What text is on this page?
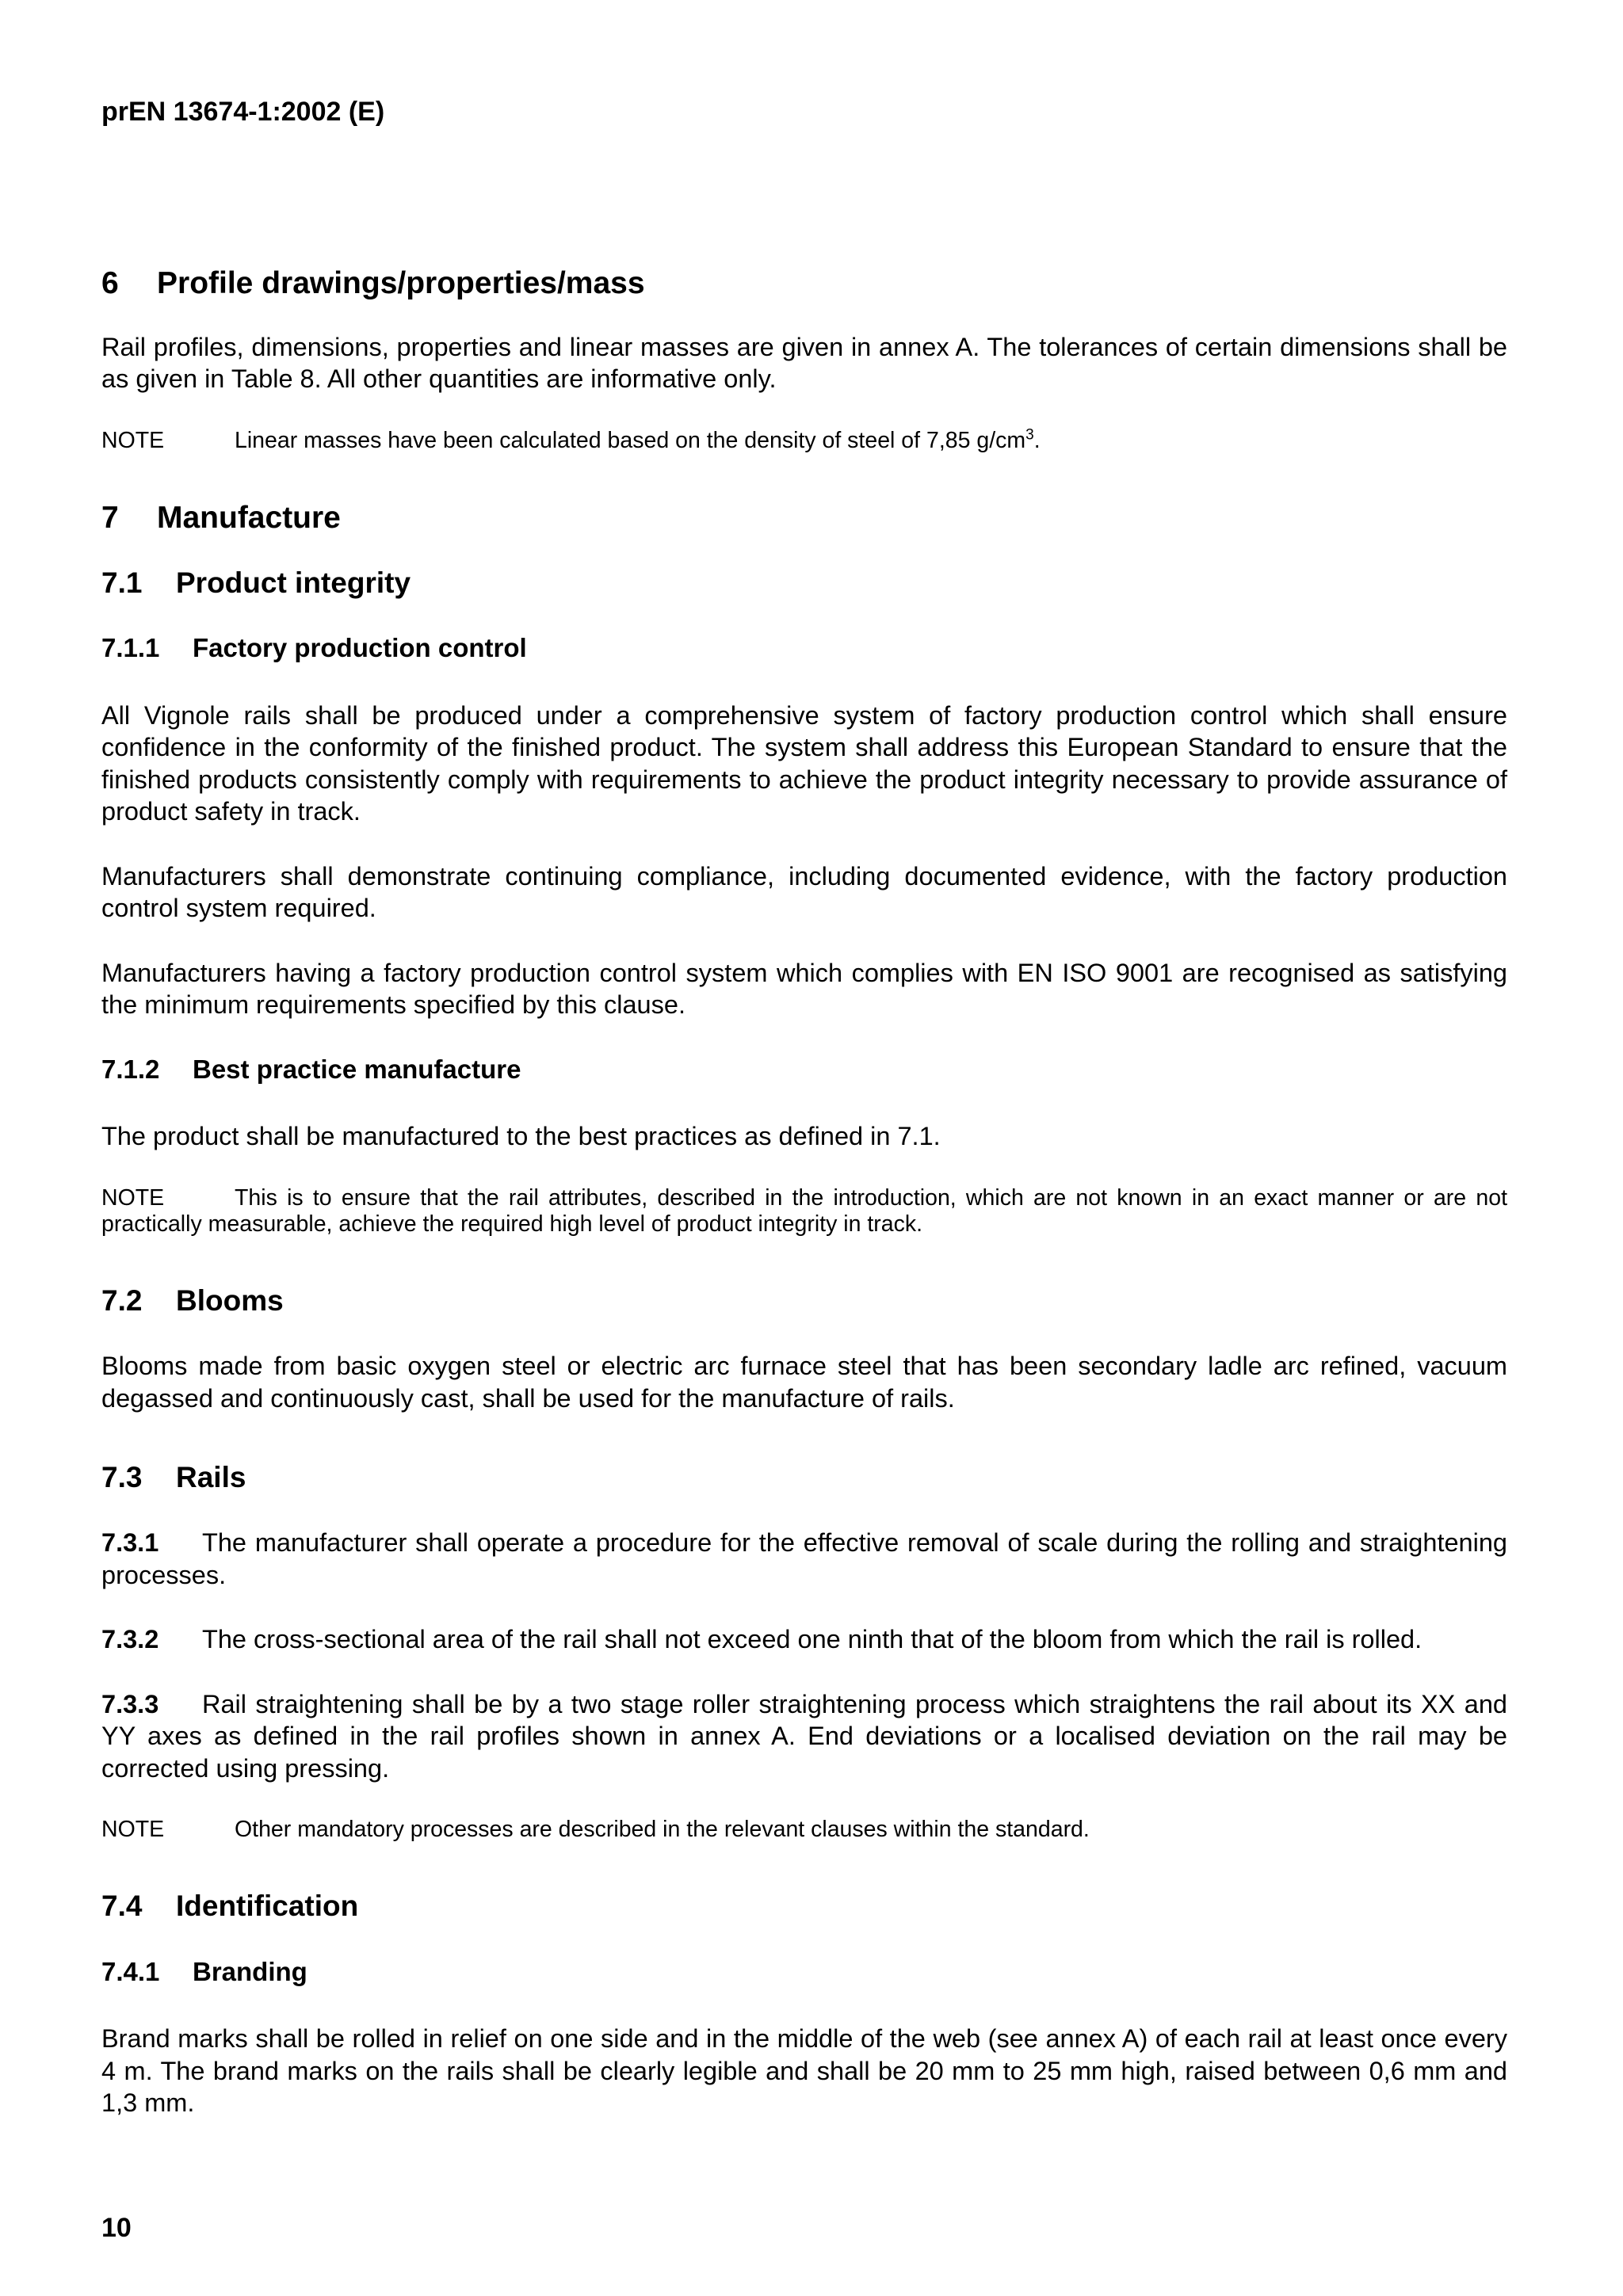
prEN 13674-1:2002 (E)

6 Profile drawings/properties/mass

Rail profiles, dimensions, properties and linear masses are given in annex A. The tolerances of certain dimensions shall be as given in Table 8. All other quantities are informative only.

NOTE	Linear masses have been calculated based on the density of steel of 7,85 $g/cm^3$.
7 Manufacture
7.1 Product integrity
7.1.1 Factory production control

All Vignole rails shall be produced under a comprehensive system of factory production control which shall ensure confidence in the conformity of the finished product. The system shall address this European Standard to ensure that the finished products consistently comply with requirements to achieve the product integrity necessary to provide assurance of product safety in track.

Manufacturers shall demonstrate continuing compliance, including documented evidence, with the factory production control system required.

Manufacturers having a factory production control system which complies with EN ISO 9001 are recognised as satisfying the minimum requirements specified by this clause.

7.1.2 Best practice manufacture

The product shall be manufactured to the best practices as defined in 7.1.

NOTE	This is to ensure that the rail attributes, described in the introduction, which are not known in an exact manner or are not practically measurable, achieve the required high level of product integrity in track.
7.2 Blooms

Blooms made from basic oxygen steel or electric arc furnace steel that has been secondary ladle arc refined, vacuum degassed and continuously cast, shall be used for the manufacture of rails.

7.3 Rails

7.3.1 The manufacturer shall operate a procedure for the effective removal of scale during the rolling and straightening processes.

7.3.2 The cross-sectional area of the rail shall not exceed one ninth that of the bloom from which the rail is rolled.

7.3.3 Rail straightening shall be by a two stage roller straightening process which straightens the rail about its XX and YY axes as defined in the rail profiles shown in annex A. End deviations or a localised deviation on the rail may be corrected using pressing.

NOTE	Other mandatory processes are described in the relevant clauses within the standard.
7.4 Identification
7.4.1 Branding

Brand marks shall be rolled in relief on one side and in the middle of the web (see annex A) of each rail at least once every 4 m. The brand marks on the rails shall be clearly legible and shall be 20 mm to 25 mm high, raised between 0,6 mm and 1,3 mm.

10
